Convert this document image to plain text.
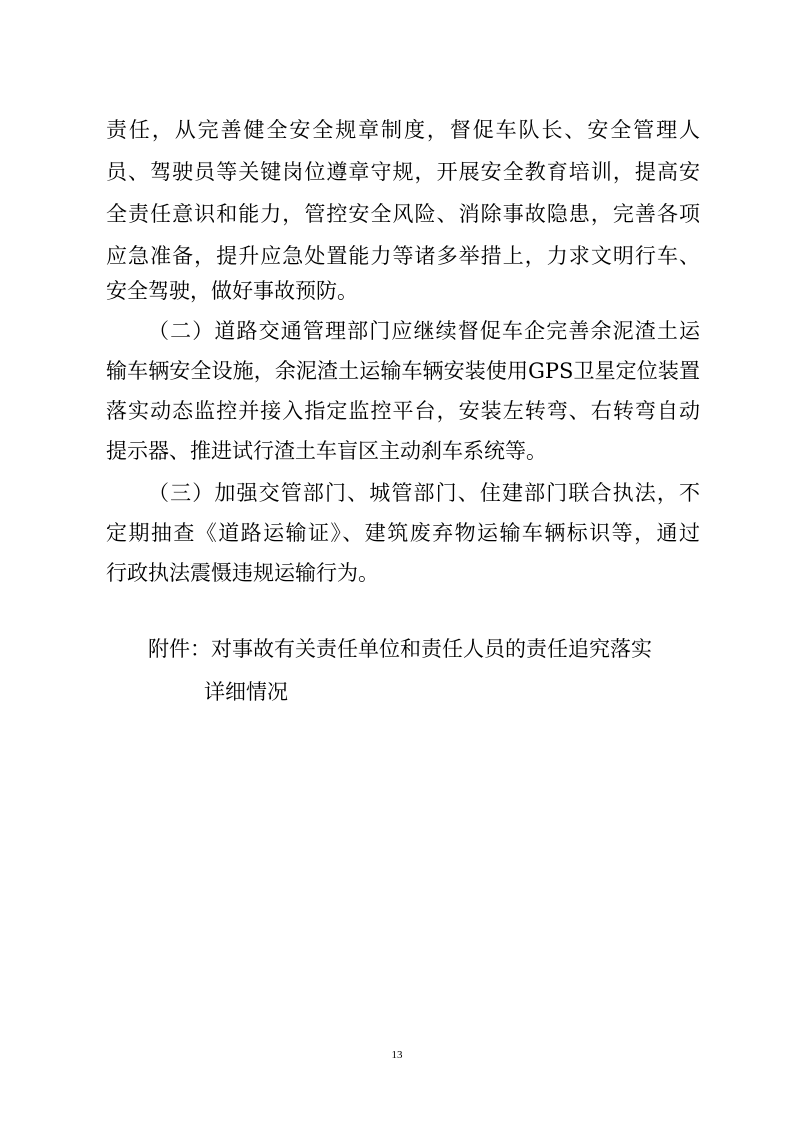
责任，从完善健全安全规章制度，督促车队长、安全管理人
员、驾驶员等关键岗位遵章守规，开展安全教育培训，提高安
全责任意识和能力，管控安全风险、消除事故隐患，完善各项
应急准备，提升应急处置能力等诸多举措上，力求文明行车、
安全驾驶，做好事故预防。
（二）道路交通管理部门应继续督促车企完善余泥渣土运
输车辆安全设施，余泥渣土运输车辆安装使用GPS卫星定位装置
落实动态监控并接入指定监控平台，安装左转弯、右转弯自动
提示器、推进试行渣土车盲区主动刹车系统等。
（三）加强交管部门、城管部门、住建部门联合执法，不
定期抽查《道路运输证》、建筑废弃物运输车辆标识等，通过
行政执法震慑违规运输行为。
附件：对事故有关责任单位和责任人员的责任追究落实
详细情况
13
